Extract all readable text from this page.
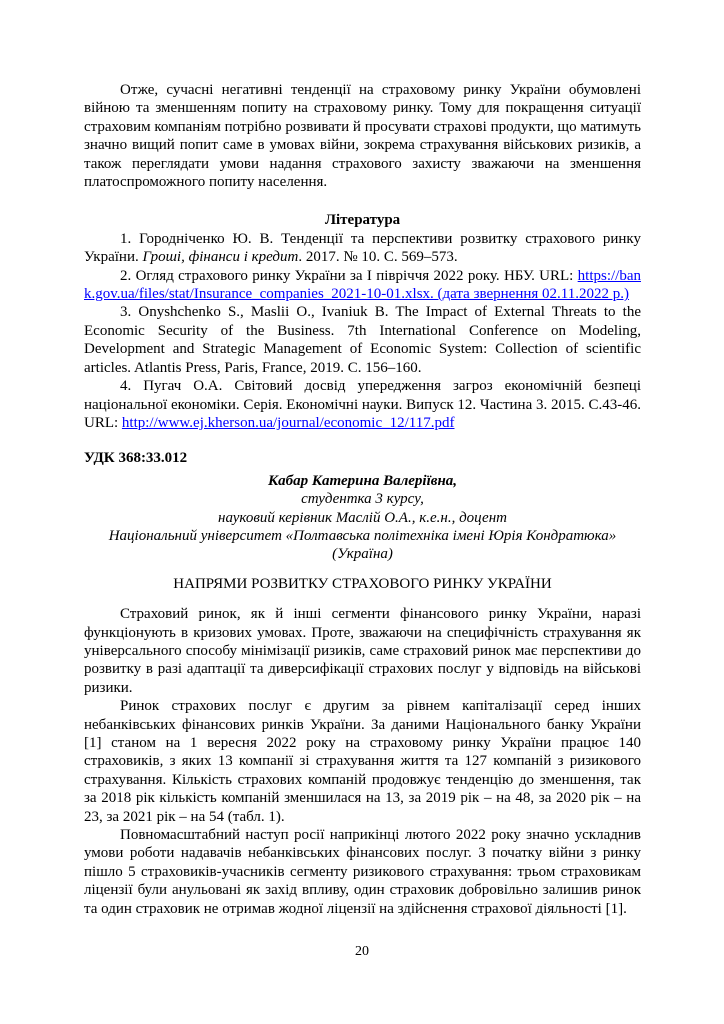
Отже, сучасні негативні тенденції на страховому ринку України обумовлені війною та зменшенням попиту на страховому ринку. Тому для покращення ситуації страховим компаніям потрібно розвивати й просувати страхові продукти, що матимуть значно вищий попит саме в умовах війни, зокрема страхування військових ризиків, а також переглядати умови надання страхового захисту зважаючи на зменшення платоспроможного попиту населення.

Література

1. Городніченко Ю. В. Тенденції та перспективи розвитку страхового ринку України. Гроші, фінанси і кредит. 2017. № 10. С. 569–573.

2. Огляд страхового ринку України за І півріччя 2022 року. НБУ. URL: https://bank.gov.ua/files/stat/Insurance_companies_2021-10-01.xlsx. (дата звернення 02.11.2022 р.)

3. Onyshchenko S., Maslii O., Ivaniuk B. The Impact of External Threats to the Economic Security of the Business. 7th International Conference on Modeling, Development and Strategic Management of Economic System: Collection of scientific articles. Atlantis Press, Paris, France, 2019. С. 156–160.

4. Пугач О.А. Світовий досвід упередження загроз економічній безпеці національної економіки. Серія. Економічні науки. Випуск 12. Частина 3. 2015. С.43-46. URL: http://www.ej.kherson.ua/journal/economic_12/117.pdf

УДК 368:33.012

Кабар Катерина Валеріївна,

студентка 3 курсу,

науковий керівник Маслій О.А., к.е.н., доцент

Національний університет «Полтавська політехніка імені Юрія Кондратюка» (Україна)

НАПРЯМИ РОЗВИТКУ СТРАХОВОГО РИНКУ УКРАЇНИ

Страховий ринок, як й інші сегменти фінансового ринку України, наразі функціонують в кризових умовах. Проте, зважаючи на специфічність страхування як універсального способу мінімізації ризиків, саме страховий ринок має перспективи до розвитку в разі адаптації та диверсифікації страхових послуг у відповідь на військові ризики.

Ринок страхових послуг є другим за рівнем капіталізації серед інших небанківських фінансових ринків України. За даними Національного банку України [1] станом на 1 вересня 2022 року на страховому ринку України працює 140 страховиків, з яких 13 компанії зі страхування життя та 127 компаній з ризикового страхування. Кількість страхових компаній продовжує тенденцію до зменшення, так за 2018 рік кількість компаній зменшилася на 13, за 2019 рік – на 48, за 2020 рік – на 23, за 2021 рік – на 54 (табл. 1).

Повномасштабний наступ росії наприкінці лютого 2022 року значно ускладнив умови роботи надавачів небанківських фінансових послуг. З початку війни з ринку пішло 5 страховиків-учасників сегменту ризикового страхування: трьом страховикам ліцензії були анульовані як захід впливу, один страховик добровільно залишив ринок та один страховик не отримав жодної ліцензії на здійснення страхової діяльності [1].

20
